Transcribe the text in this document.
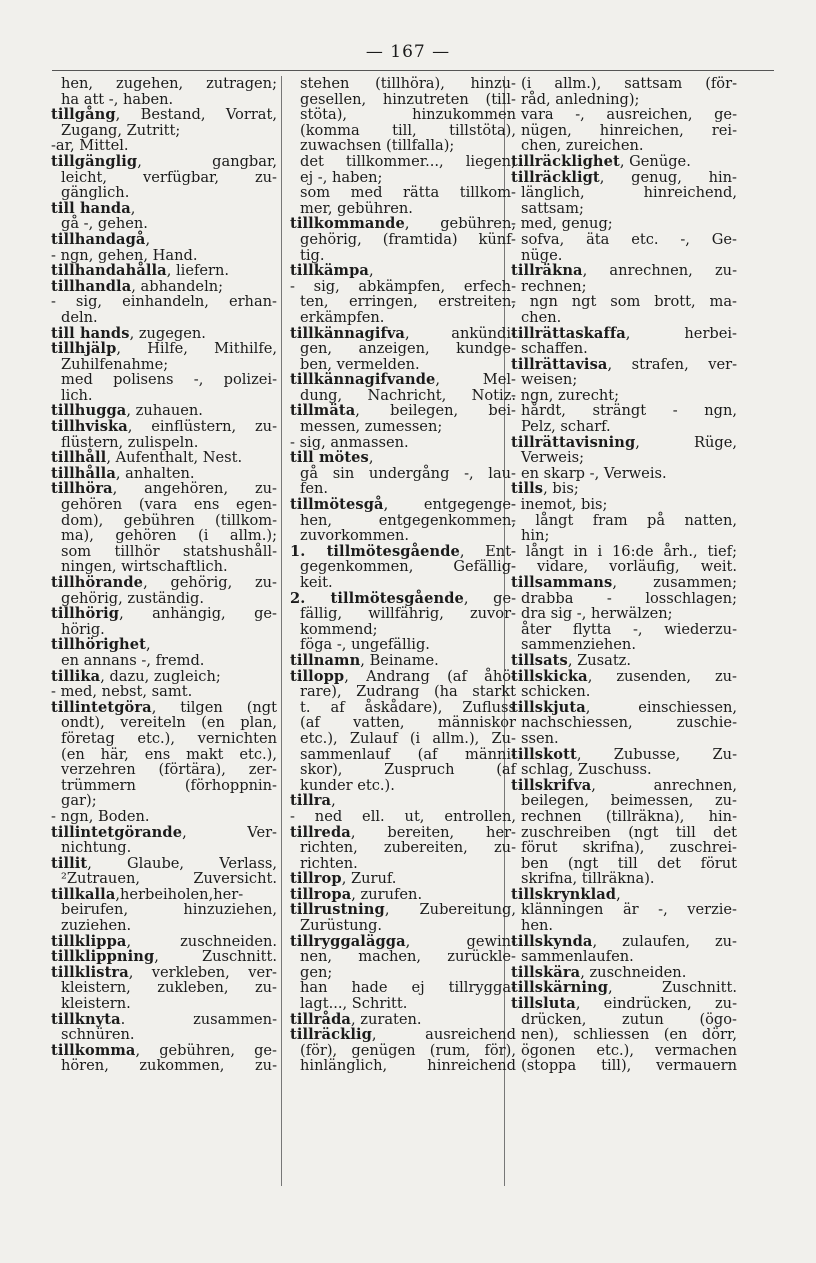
— 167 —
hen, zugehen, zutragen;
ha att -, haben.
tillgång, Bestand, Vorrat,
Zugang, Zutritt;
-ar, Mittel.
tillgänglig, gangbar,
leicht, verfügbar, zu-
gänglich.
till handa,
gå -, gehen.
tillhandagå,
- ngn, gehen, Hand.
tillhandahålla, liefern.
tillhandla, abhandeln;
- sig, einhandeln, erhan-
deln.
till hands, zugegen.
tillhjälp, Hilfe, Mithilfe,
Zuhilfenahme;
med polisens -, polizei-
lich.
tillhugga, zuhauen.
tillhviska, einflüstern, zu-
flüstern, zulispeln.
tillhåll, Aufenthalt, Nest.
tillhålla, anhalten.
tillhöra, angehören, zu-
gehören (vara ens egen-
dom), gebühren (tillkom-
ma), gehören (i allm.);
som tillhör statshushåll-
ningen, wirtschaftlich.
tillhörande, gehörig, zu-
gehörig, zuständig.
tillhörig, anhängig, ge-
hörig.
tillhörighet,
en annans -, fremd.
tillika, dazu, zugleich;
- med, nebst, samt.
tillintetgöra, tilgen (ngt
ondt), vereiteln (en plan,
företag etc.), vernichten
(en här, ens makt etc.),
verzehren (förtära), zer-
trümmern (förhoppnin-
gar);
- ngn, Boden.
tillintetgörande, Ver-
nichtung.
tillit, Glaube, Verlass,
²Zutrauen, Zuversicht.
tillkalla,herbeiholen,her-
beirufen, hinzuziehen,
zuziehen.
tillklippa, zuschneiden.
tillklippning, Zuschnitt.
tillklistra, verkleben, ver-
kleistern, zukleben, zu-
kleistern.
tillknyta. zusammen-
schnüren.
tillkomma, gebühren, ge-
hören, zukommen, zu-
stehen (tillhöra), hinzu-
gesellen, hinzutreten (till-
stöta), hinzukommen
(komma till, tillstöta),
zuwachsen (tillfalla);
det tillkommer..., liegen;
ej -, haben;
som med rätta tillkom-
mer, gebühren.
tillkommande, gebühren,
gehörig, (framtida) künf-
tig.
tillkämpa,
- sig, abkämpfen, erfech-
ten, erringen, erstreiten,
erkämpfen.
tillkännagifva, ankündi-
gen, anzeigen, kundge-
ben, vermelden.
tillkännagifvande, Mel-
dung, Nachricht, Notiz.
tillmäta, beilegen, bei-
messen, zumessen;
- sig, anmassen.
till mötes,
gå sin undergång -, lau-
fen.
tillmötesgå, entgegenge-
hen, entgegenkommen,
zuvorkommen.
1. tillmötesgående, Ent-
gegenkommen, Gefällig-
keit.
2. tillmötesgående, ge-
fällig, willfährig, zuvor-
kommend;
föga -, ungefällig.
tillnamn, Beiname.
tillopp, Andrang (af åhö-
rare), Zudrang (ha starkt
t. af åskådare), Zufluss
(af vatten, människor
etc.), Zulauf (i allm.), Zu-
sammenlauf (af männi-
skor), Zuspruch (af
kunder etc.).
tillra,
- ned ell. ut, entrollen,
tillreda, bereiten, her-
richten, zubereiten, zu-
richten.
tillrop, Zuruf.
tillropa, zurufen.
tillrustning, Zubereitung,
Zurüstung.
tillryggalägga, gewin-
nen, machen, zurückle-
gen;
han hade ej tillrygga-
lagt..., Schritt.
tillråda, zuraten.
tillräcklig, ausreichend
(för), genügen (rum, för),
hinlänglich, hinreichend
(i allm.), sattsam (för-
råd, anledning);
vara -, ausreichen, ge-
nügen, hinreichen, rei-
chen, zureichen.
tillräcklighet, Genüge.
tillräckligt, genug, hin-
länglich, hinreichend,
sattsam;
- med, genug;
sofva, äta etc. -, Ge-
nüge.
tillräkna, anrechnen, zu-
rechnen;
- ngn ngt som brott, ma-
chen.
tillrättaskaffa, herbei-
schaffen.
tillrättavisa, strafen, ver-
weisen;
- ngn, zurecht;
hårdt, strängt - ngn,
Pelz, scharf.
tillrättavisning, Rüge,
Verweis;
en skarp -, Verweis.
tills, bis;
- inemot, bis;
- långt fram på natten,
hin;
- långt in i 16:de årh., tief;
- vidare, vorläufig, weit.
tillsammans, zusammen;
drabba - losschlagen;
dra sig -, herwälzen;
åter flytta -, wiederzu-
sammenziehen.
tillsats, Zusatz.
tillskicka, zusenden, zu-
schicken.
tillskjuta, einschiessen,
nachschiessen, zuschie-
ssen.
tillskott, Zubusse, Zu-
schlag, Zuschuss.
tillskrifva, anrechnen,
beilegen, beimessen, zu-
rechnen (tillräkna), hin-
zuschreiben (ngt till det
förut skrifna), zuschrei-
ben (ngt till det förut
skrifna, tillräkna).
tillskrynklad,
klänningen är -, verzie-
hen.
tillskynda, zulaufen, zu-
sammenlaufen.
tillskära, zuschneiden.
tillskärning, Zuschnitt.
tillsluta, eindrücken, zu-
drücken, zutun (ögo-
nen), schliessen (en dörr,
ögonen etc.), vermachen
(stoppa till), vermauern
